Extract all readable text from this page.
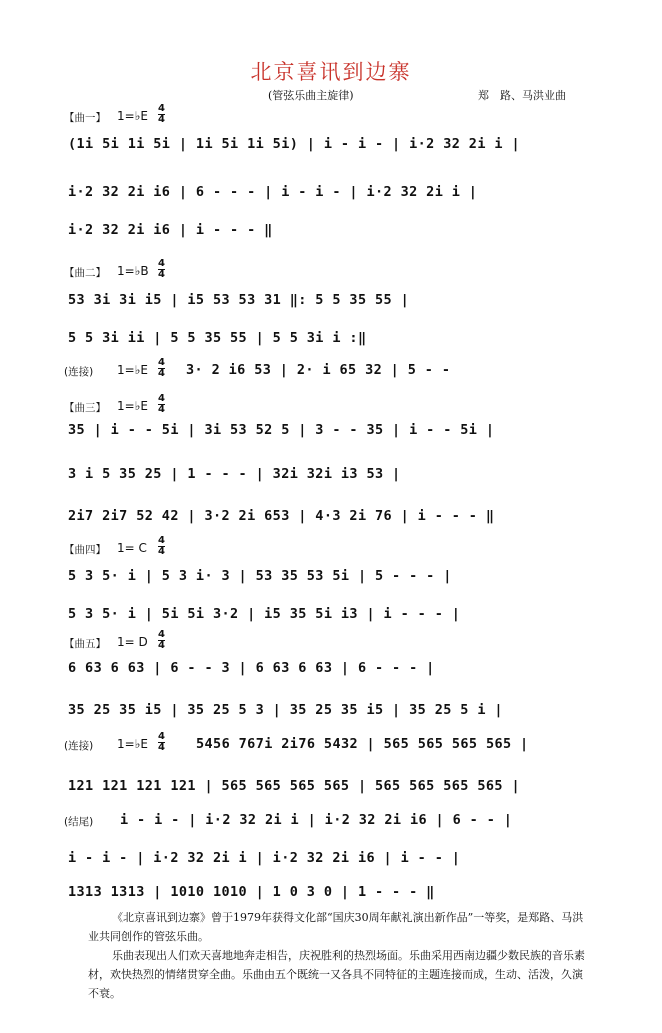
北京喜讯到边寨
(管弦乐曲主旋律)	郑　路、马洪业曲
【曲一】 1=♭E
4
4
(1i 5i 1i 5i | 1i 5i 1i 5i) | i - i - | i·2 32 2i i |
i·2 32 2i i6 | 6 - - - | i - i - | i·2 32 2i i |
i·2 32 2i i6 | i - - - ‖
【曲二】 1=♭B
4
4
53 3i 3i i5 | i5 53 53 31 ‖: 5 5 35 55 |
5 5 3i ii | 5 5 35 55 | 5 5 3i i :‖
(连接) 1=♭E
4
4 3· 2 i6 53 | 2· i 65 32 | 5 - -
【曲三】 1=♭E
4
4
35 | i - - 5i | 3i 53 52 5 | 3 - - 35 | i - - 5i |
3 i 5 35 25 | 1 - - - | 32i 32i i3 53 |
2i7 2i7 52 42 | 3·2 2i 653 | 4·3 2i 76 | i - - - ‖
【曲四】 1= C
4
4
5 3 5· i | 5 3 i· 3 | 53 35 53 5i | 5 - - - |
5 3 5· i | 5i 5i 3·2 | i5 35 5i i3 | i - - - |
【曲五】 1= D
4
4
6 63 6 63 | 6 - - 3 | 6 63 6 63 | 6 - - - |
35 25 35 i5 | 35 25 5 3 | 35 25 35 i5 | 35 25 5 i |
(连接) 1=♭E
4
4 5456 767i 2i76 5432 | 565 565 565 565 |
121 121 121 121 | 565 565 565 565 | 565 565 565 565 |
(结尾) i - i - | i·2 32 2i i | i·2 32 2i i6 | 6 - - |
i - i - | i·2 32 2i i | i·2 32 2i i6 | i - - |
1313 1313 | 1010 1010 | 1 0 3 0 | 1 - - - ‖

《北京喜讯到边寨》曾于1979年获得文化部“国庆30周年献礼演出新作品”一等奖，是郑路、马洪业共同创作的管弦乐曲。

乐曲表现出人们欢天喜地地奔走相告，庆祝胜利的热烈场面。乐曲采用西南边疆少数民族的音乐素材，欢快热烈的情绪贯穿全曲。乐曲由五个既统一又各具不同特征的主题连接而成，生动、活泼，久演不衰。
